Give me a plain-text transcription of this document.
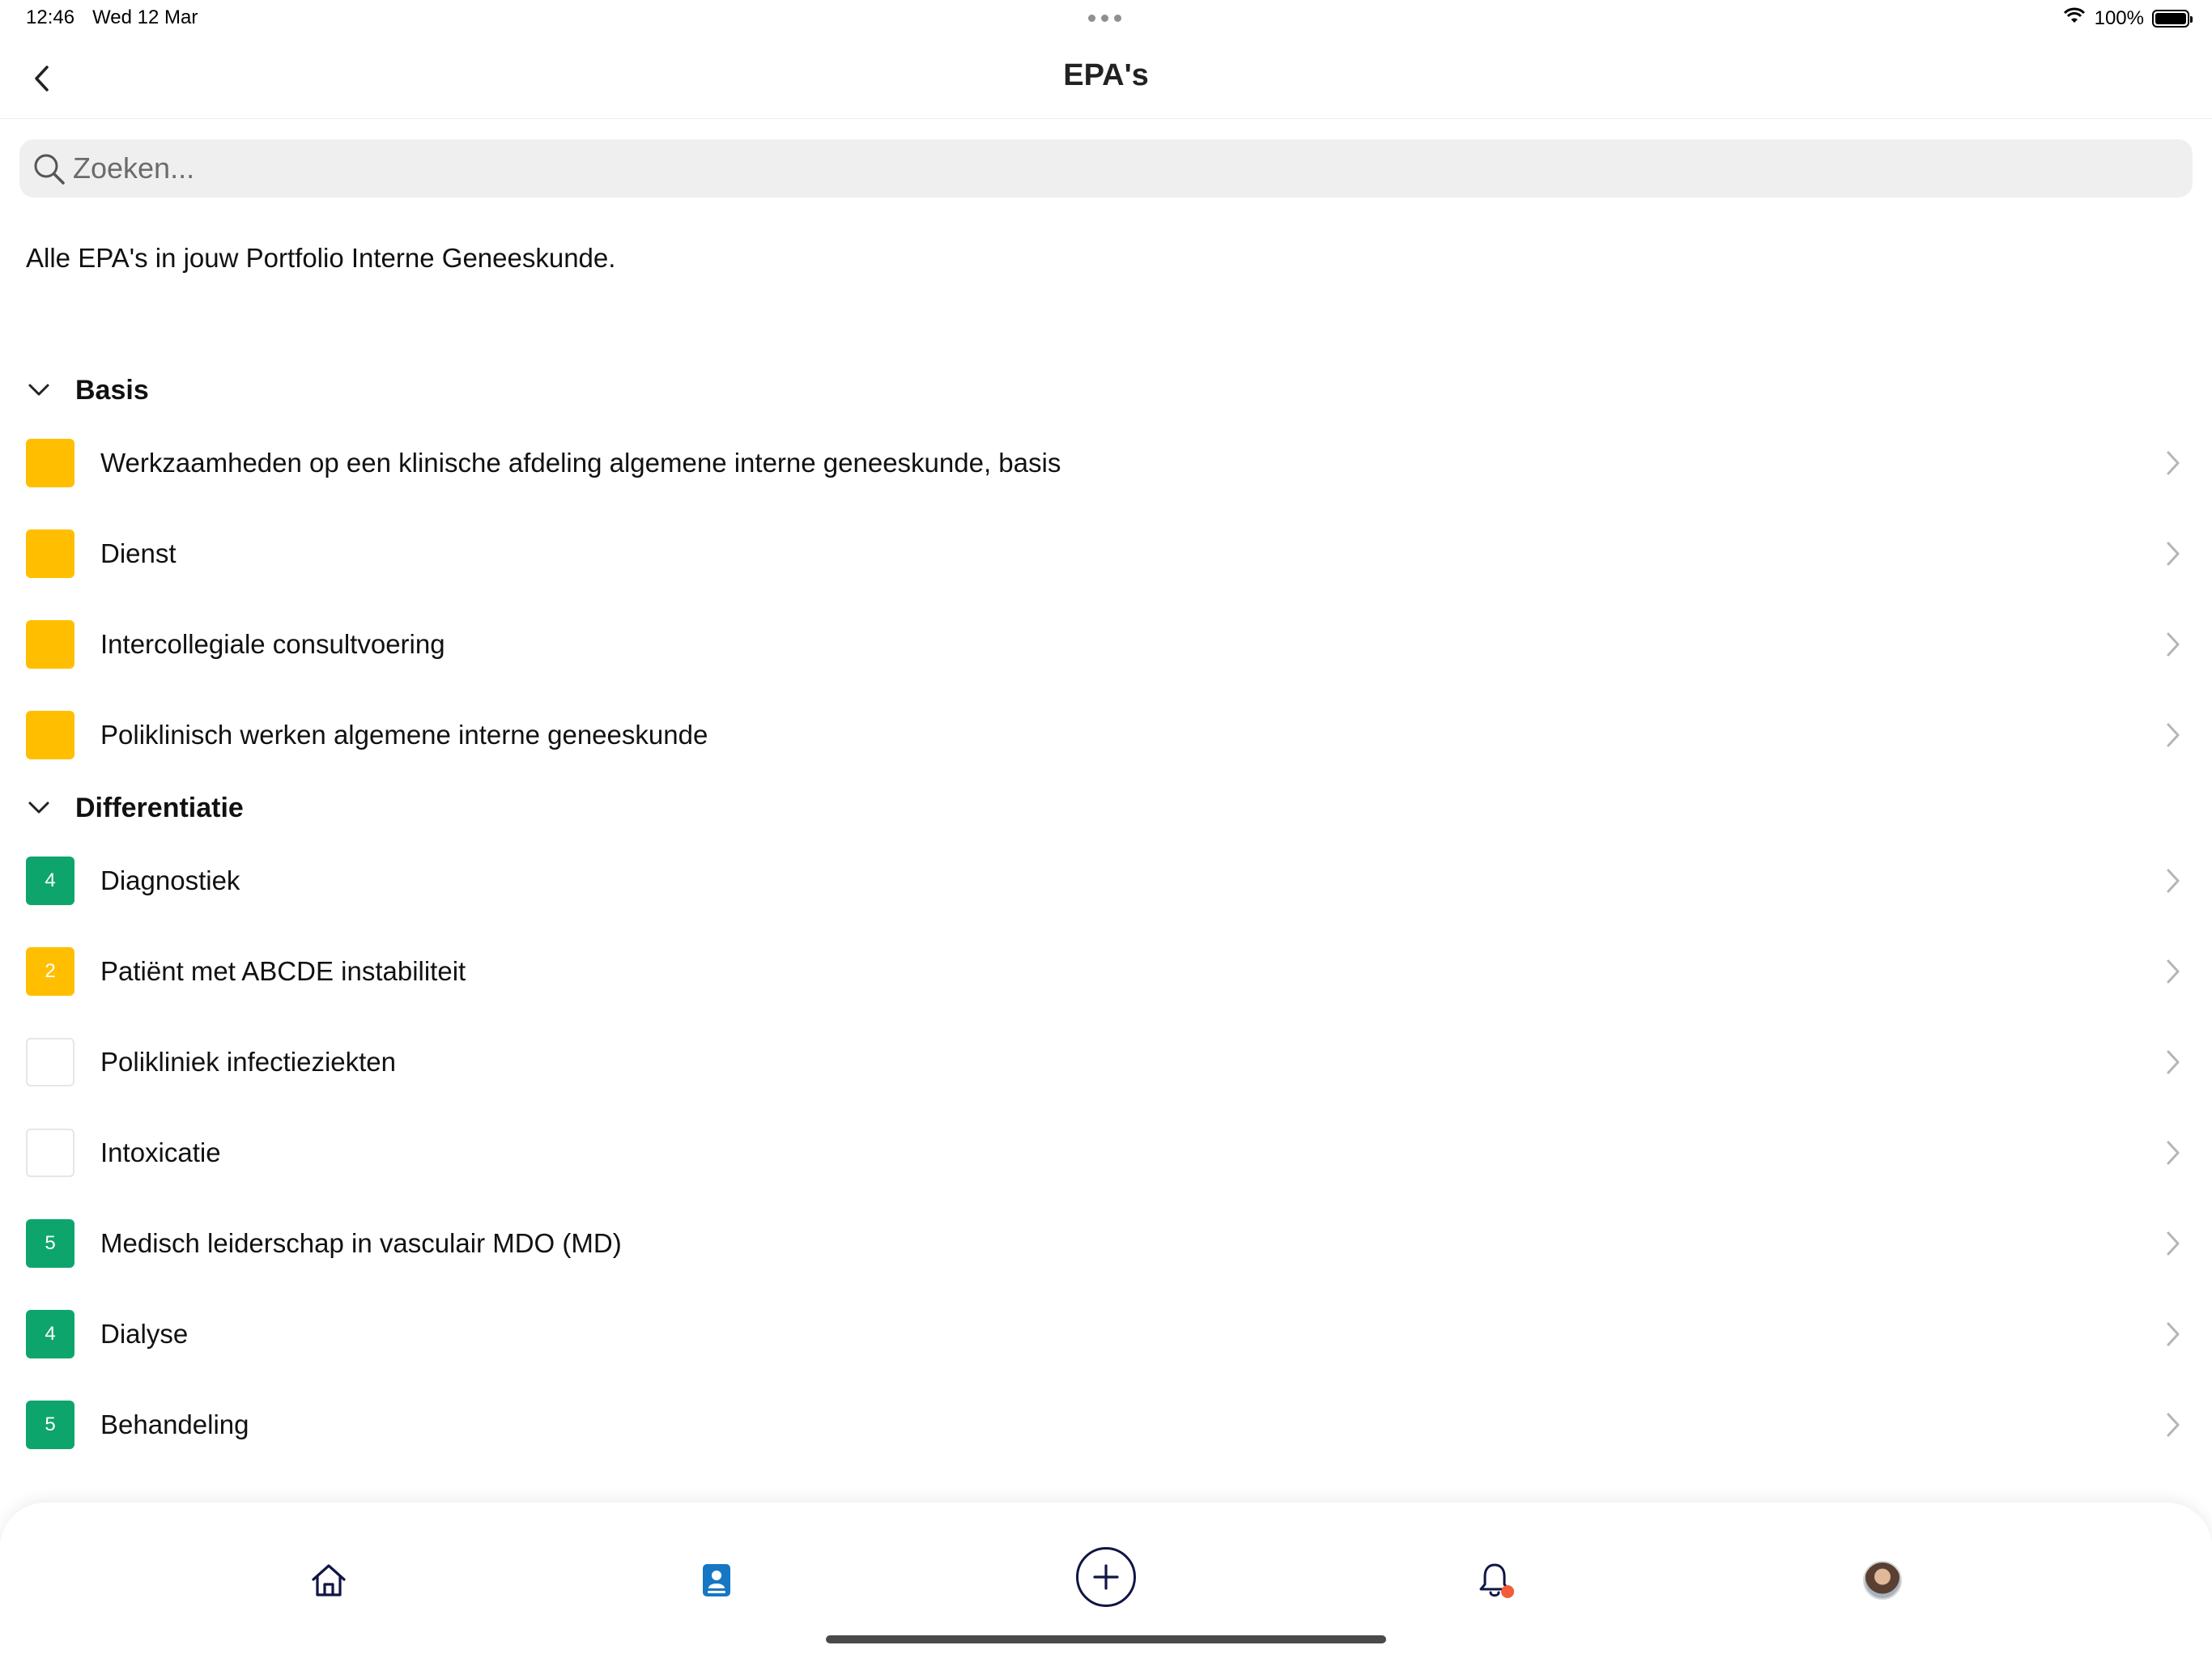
12:46 Wed 12 Mar	100%
EPA's
Zoeken...
Alle EPA's in jouw Portfolio Interne Geneeskunde.
Basis
Werkzaamheden op een klinische afdeling algemene interne geneeskunde, basis
Dienst
Intercollegiale consultvoering
Poliklinisch werken algemene interne geneeskunde
Differentiatie
4	Diagnostiek
2	Patiënt met ABCDE instabiliteit
Polikliniek infectieziekten
Intoxicatie
5	Medisch leiderschap in vasculair MDO (MD)
4	Dialyse
5	Behandeling
